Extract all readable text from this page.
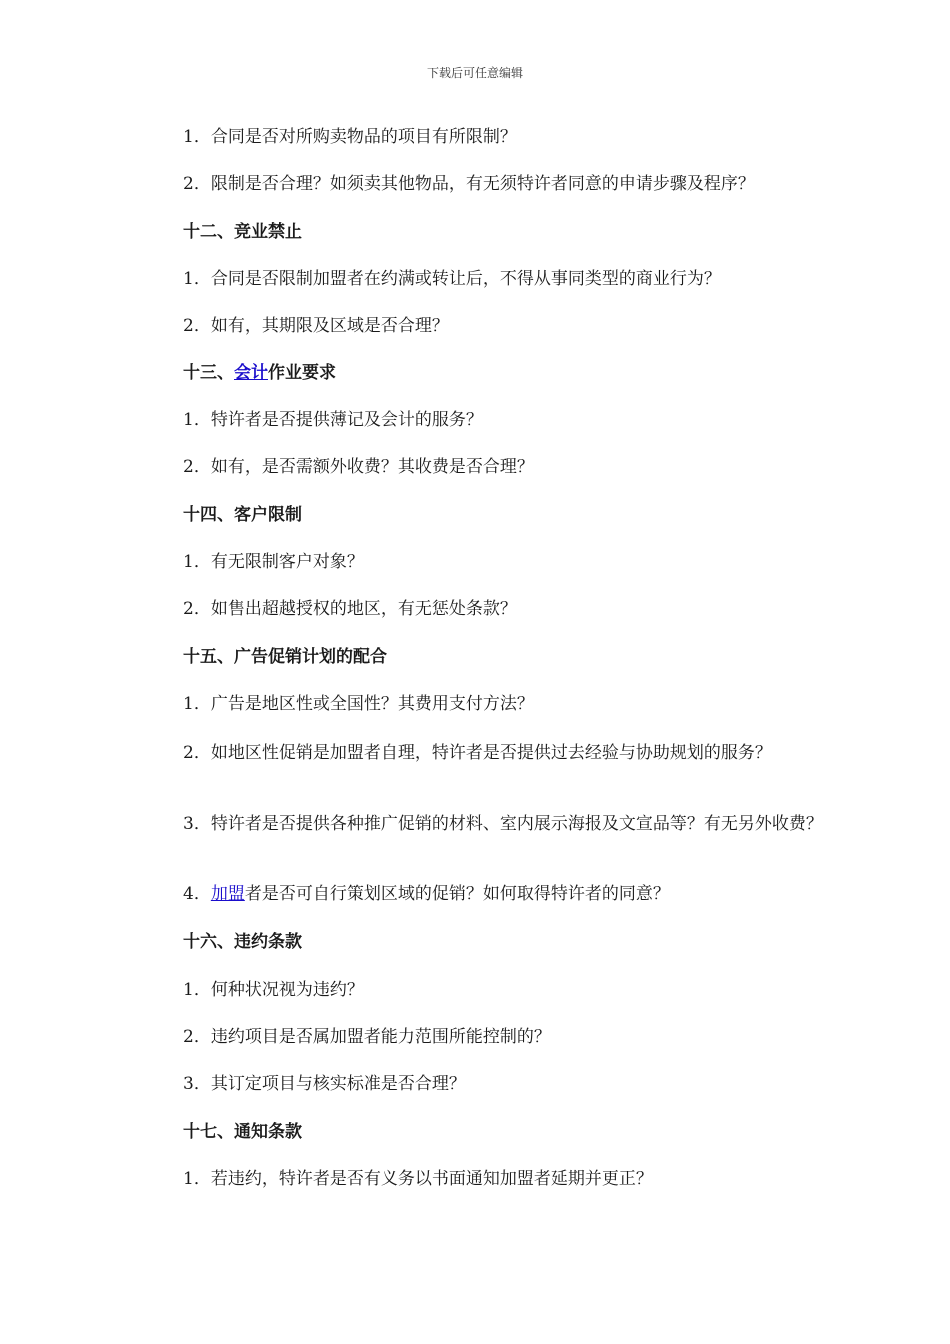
下载后可任意编辑
1．合同是否对所购卖物品的项目有所限制？
2．限制是否合理？如须卖其他物品，有无须特许者同意的申请步骤及程序？
十二、竞业禁止
1．合同是否限制加盟者在约满或转让后，不得从事同类型的商业行为？
2．如有，其期限及区域是否合理？
十三、会计作业要求
1．特许者是否提供薄记及会计的服务？
2．如有，是否需额外收费？其收费是否合理？
十四、客户限制
1．有无限制客户对象？
2．如售出超越授权的地区，有无惩处条款？
十五、广告促销计划的配合
1．广告是地区性或全国性？其费用支付方法？
2．如地区性促销是加盟者自理，特许者是否提供过去经验与协助规划的服务？
3．特许者是否提供各种推广促销的材料、室内展示海报及文宣品等？有无另外收费？
4．加盟者是否可自行策划区域的促销？如何取得特许者的同意？
十六、违约条款
1．何种状况视为违约？
2．违约项目是否属加盟者能力范围所能控制的？
3．其订定项目与核实标准是否合理？
十七、通知条款
1．若违约，特许者是否有义务以书面通知加盟者延期并更正？
